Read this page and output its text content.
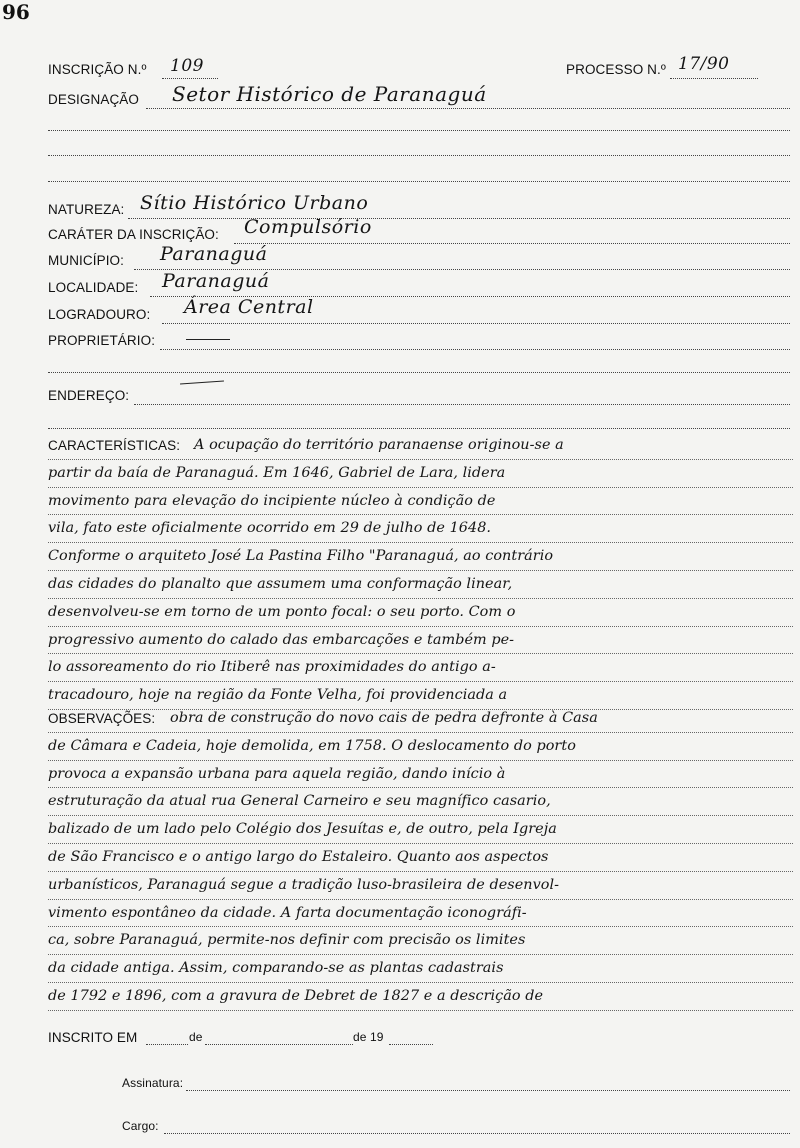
96
INSCRIÇÃO N.º 109	PROCESSO N.º 17/90
DESIGNAÇÃO Setor Histórico de Paranaguá
NATUREZA: Sítio Histórico Urbano
CARÁTER DA INSCRIÇÃO: Compulsório
MUNICÍPIO: Paranaguá
LOCALIDADE: Paranaguá
LOGRADOURO: Área Central
PROPRIETÁRIO:
ENDEREÇO:
CARACTERÍSTICAS: A ocupação do território paranaense originou-se a
partir da baía de Paranaguá. Em 1646, Gabriel de Lara, lidera
movimento para elevação do incipiente núcleo à condição de
vila, fato este oficialmente ocorrido em 29 de julho de 1648.
Conforme o arquiteto José La Pastina Filho "Paranaguá, ao contrário
das cidades do planalto que assumem uma conformação linear,
desenvolveu-se em torno de um ponto focal: o seu porto. Com o
progressivo aumento do calado das embarcações e também pe-
lo assoreamento do rio Itiberê nas proximidades do antigo a-
tracadouro, hoje na região da Fonte Velha, foi providenciada a
OBSERVAÇÕES:	obra de construção do novo cais de pedra defronte à Casa
de Câmara e Cadeia, hoje demolida, em 1758. O deslocamento do porto
provoca a expansão urbana para aquela região, dando início à
estruturação da atual rua General Carneiro e seu magnífico casario,
balizado de um lado pelo Colégio dos Jesuítas e, de outro, pela Igreja
de São Francisco e o antigo largo do Estaleiro. Quanto aos aspectos
urbanísticos, Paranaguá segue a tradição luso-brasileira de desenvol-
vimento espontâneo da cidade. A farta documentação iconográfi-
ca, sobre Paranaguá, permite-nos definir com precisão os limites
da cidade antiga. Assim, comparando-se as plantas cadastrais
de 1792 e 1896, com a gravura de Debret de 1827 e a descrição de
INSCRITO EM	de	de 19
Assinatura:
Cargo:
